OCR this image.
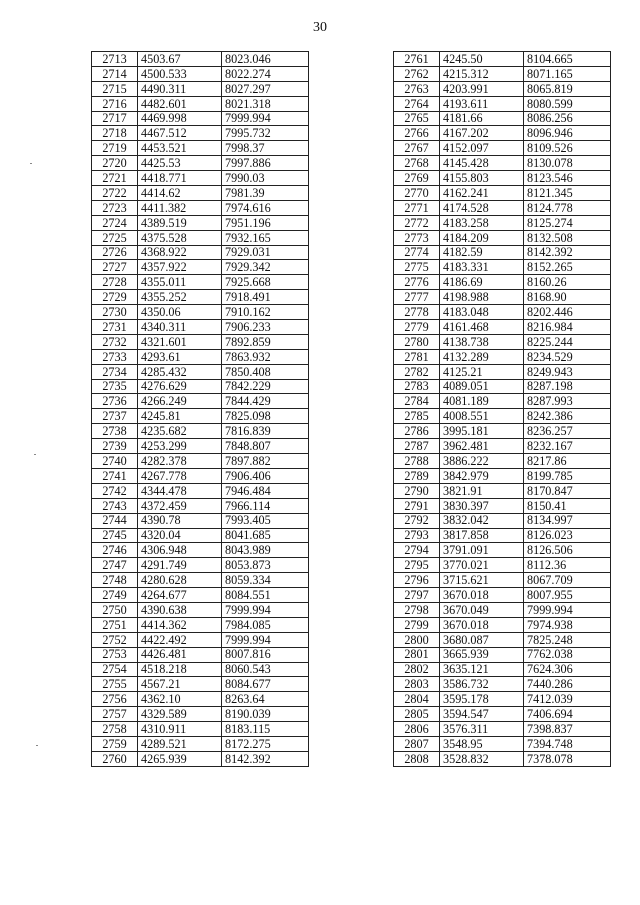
30
2713	4503.67	8023.046
2714	4500.533	8022.274
2715	4490.311	8027.297
2716	4482.601	8021.318
2717	4469.998	7999.994
2718	4467.512	7995.732
2719	4453.521	7998.37
2720	4425.53	7997.886
2721	4418.771	7990.03
2722	4414.62	7981.39
2723	4411.382	7974.616
2724	4389.519	7951.196
2725	4375.528	7932.165
2726	4368.922	7929.031
2727	4357.922	7929.342
2728	4355.011	7925.668
2729	4355.252	7918.491
2730	4350.06	7910.162
2731	4340.311	7906.233
2732	4321.601	7892.859
2733	4293.61	7863.932
2734	4285.432	7850.408
2735	4276.629	7842.229
2736	4266.249	7844.429
2737	4245.81	7825.098
2738	4235.682	7816.839
2739	4253.299	7848.807
2740	4282.378	7897.882
2741	4267.778	7906.406
2742	4344.478	7946.484
2743	4372.459	7966.114
2744	4390.78	7993.405
2745	4320.04	8041.685
2746	4306.948	8043.989
2747	4291.749	8053.873
2748	4280.628	8059.334
2749	4264.677	8084.551
2750	4390.638	7999.994
2751	4414.362	7984.085
2752	4422.492	7999.994
2753	4426.481	8007.816
2754	4518.218	8060.543
2755	4567.21	8084.677
2756	4362.10	8263.64
2757	4329.589	8190.039
2758	4310.911	8183.115
2759	4289.521	8172.275
2760	4265.939	8142.392
2761	4245.50	8104.665
2762	4215.312	8071.165
2763	4203.991	8065.819
2764	4193.611	8080.599
2765	4181.66	8086.256
2766	4167.202	8096.946
2767	4152.097	8109.526
2768	4145.428	8130.078
2769	4155.803	8123.546
2770	4162.241	8121.345
2771	4174.528	8124.778
2772	4183.258	8125.274
2773	4184.209	8132.508
2774	4182.59	8142.392
2775	4183.331	8152.265
2776	4186.69	8160.26
2777	4198.988	8168.90
2778	4183.048	8202.446
2779	4161.468	8216.984
2780	4138.738	8225.244
2781	4132.289	8234.529
2782	4125.21	8249.943
2783	4089.051	8287.198
2784	4081.189	8287.993
2785	4008.551	8242.386
2786	3995.181	8236.257
2787	3962.481	8232.167
2788	3886.222	8217.86
2789	3842.979	8199.785
2790	3821.91	8170.847
2791	3830.397	8150.41
2792	3832.042	8134.997
2793	3817.858	8126.023
2794	3791.091	8126.506
2795	3770.021	8112.36
2796	3715.621	8067.709
2797	3670.018	8007.955
2798	3670.049	7999.994
2799	3670.018	7974.938
2800	3680.087	7825.248
2801	3665.939	7762.038
2802	3635.121	7624.306
2803	3586.732	7440.286
2804	3595.178	7412.039
2805	3594.547	7406.694
2806	3576.311	7398.837
2807	3548.95	7394.748
2808	3528.832	7378.078
